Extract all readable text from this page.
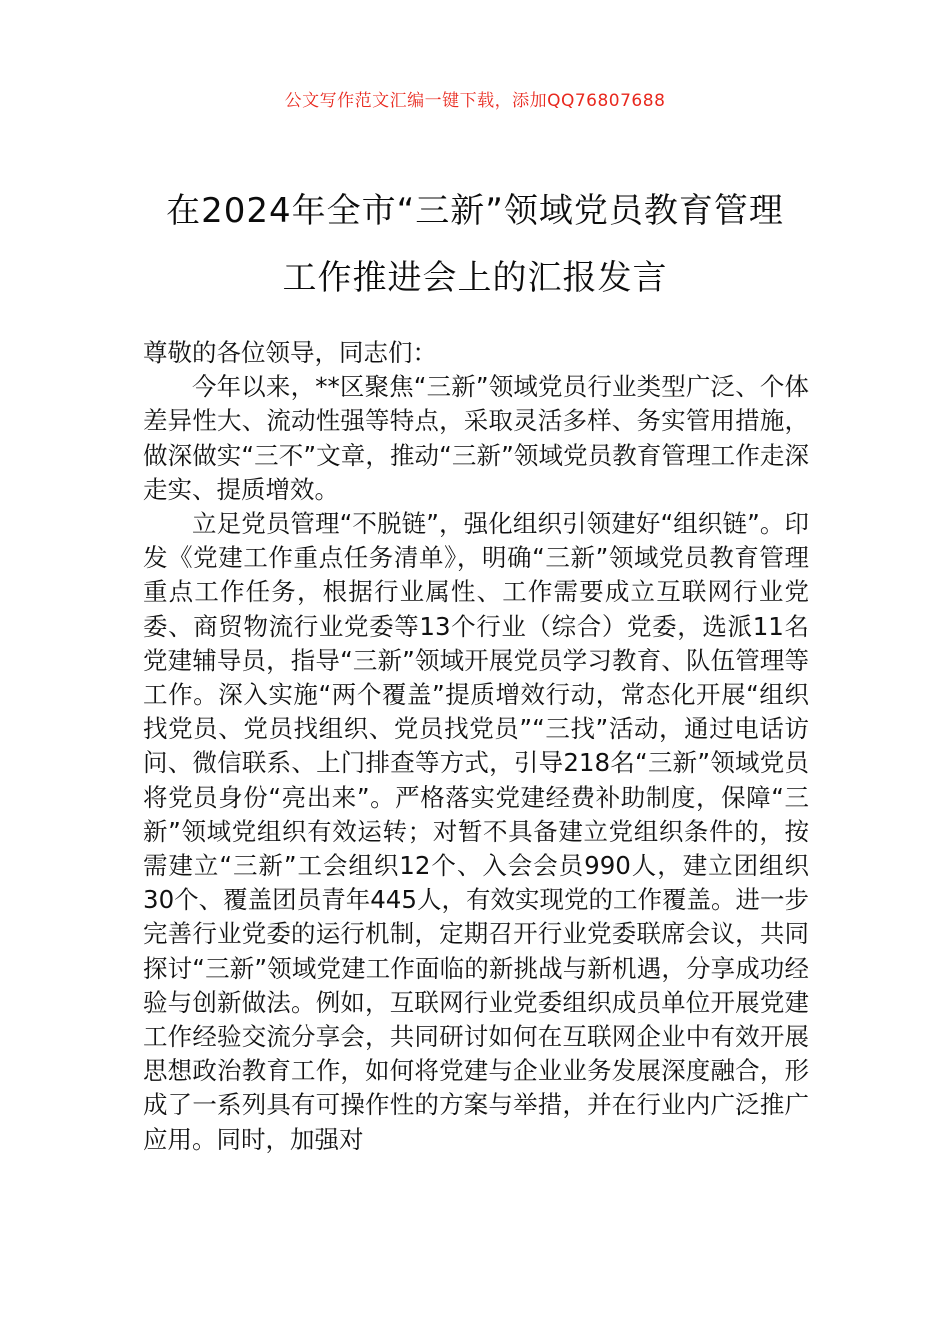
公文写作范文汇编一键下载，添加QQ76807688
在2024年全市“三新”领域党员教育管理
工作推进会上的汇报发言

尊敬的各位领导，同志们：

今年以来，**区聚焦“三新”领域党员行业类型广泛、个体差异性大、流动性强等特点，采取灵活多样、务实管用措施，做深做实“三不”文章，推动“三新”领域党员教育管理工作走深走实、提质增效。

立足党员管理“不脱链”，强化组织引领建好“组织链”。印发《党建工作重点任务清单》，明确“三新”领域党员教育管理重点工作任务，根据行业属性、工作需要成立互联网行业党委、商贸物流行业党委等13个行业（综合）党委，选派11名党建辅导员，指导“三新”领域开展党员学习教育、队伍管理等工作。深入实施“两个覆盖”提质增效行动，常态化开展“组织找党员、党员找组织、党员找党员”“三找”活动，通过电话访问、微信联系、上门排查等方式，引导218名“三新”领域党员将党员身份“亮出来”。严格落实党建经费补助制度，保障“三新”领域党组织有效运转；对暂不具备建立党组织条件的，按需建立“三新”工会组织12个、入会会员990人，建立团组织30个、覆盖团员青年445人，有效实现党的工作覆盖。进一步完善行业党委的运行机制，定期召开行业党委联席会议，共同探讨“三新”领域党建工作面临的新挑战与新机遇，分享成功经验与创新做法。例如，互联网行业党委组织成员单位开展党建工作经验交流分享会，共同研讨如何在互联网企业中有效开展思想政治教育工作，如何将党建与企业业务发展深度融合，形成了一系列具有可操作性的方案与举措，并在行业内广泛推广应用。同时，加强对
